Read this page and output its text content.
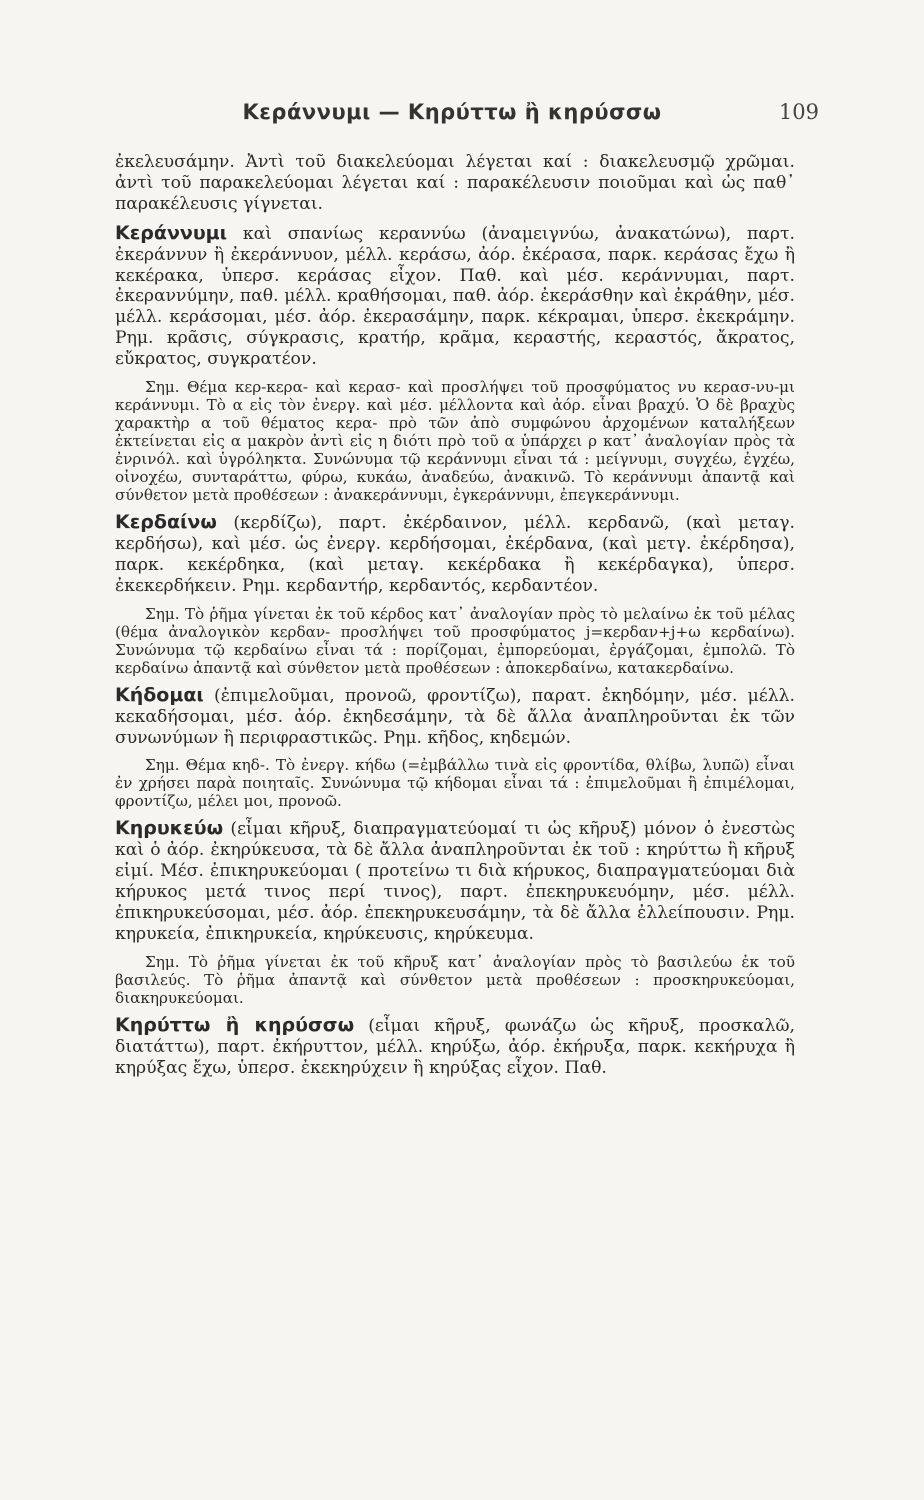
Κεράννυμι — Κηρύττω ἢ κηρύσσω	109

ἐκελευσάμην. Ἀντὶ τοῦ διακελεύομαι λέγεται καί : διακελευσμῷ χρῶμαι. ἀντὶ τοῦ παρακελεύομαι λέγεται καί : παρακέλευσιν ποιοῦμαι καὶ ὡς παθ᾽ παρακέλευσις γίγνεται.

Κεράννυμι καὶ σπανίως κεραννύω (ἀναμειγνύω, ἀνακατώνω), παρτ. ἐκεράννυν ἢ ἐκεράννυον, μέλλ. κεράσω, ἀόρ. ἐκέρασα, παρκ. κεράσας ἔχω ἢ κεκέρακα, ὑπερσ. κεράσας εἶχον. Παθ. καὶ μέσ. κεράννυμαι, παρτ. ἐκεραννύμην, παθ. μέλλ. κραθήσομαι, παθ. ἀόρ. ἐκεράσθην καὶ ἐκράθην, μέσ. μέλλ. κεράσομαι, μέσ. ἀόρ. ἐκερασάμην, παρκ. κέκραμαι, ὑπερσ. ἐκεκράμην. Ρημ. κρᾶσις, σύγκρασις, κρατήρ, κρᾶμα, κεραστής, κεραστός, ἄκρατος, εὔκρατος, συγκρατέον.

Σημ. Θέμα κερ-κερα- καὶ κερασ- καὶ προσλήψει τοῦ προσφύματος νυ κερασ-νυ-μι κεράννυμι. Τὸ α εἰς τὸν ἐνεργ. καὶ μέσ. μέλλοντα καὶ ἀόρ. εἶναι βραχύ. Ὁ δὲ βραχὺς χαρακτὴρ α τοῦ θέματος κερα- πρὸ τῶν ἀπὸ συμφώνου ἀρχομένων καταλήξεων ἐκτείνεται εἰς α μακρὸν ἀντὶ εἰς η διότι πρὸ τοῦ α ὑπάρχει ρ κατ᾽ ἀναλογίαν πρὸς τὰ ἐνρινόλ. καὶ ὑγρόληκτα. Συνώνυμα τῷ κεράννυμι εἶναι τά : μείγνυμι, συγχέω, ἐγχέω, οἰνοχέω, συνταράττω, φύρω, κυκάω, ἀναδεύω, ἀνακινῶ. Τὸ κεράννυμι ἀπαντᾷ καὶ σύνθετον μετὰ προθέσεων : ἀνακεράννυμι, ἐγκεράννυμι, ἐπεγκεράννυμι.

Κερδαίνω (κερδίζω), παρτ. ἐκέρδαινον, μέλλ. κερδανῶ, (καὶ μεταγ. κερδήσω), καὶ μέσ. ὡς ἐνεργ. κερδήσομαι, ἐκέρδανα, (καὶ μετγ. ἐκέρδησα), παρκ. κεκέρδηκα, (καὶ μεταγ. κεκέρδακα ἢ κεκέρδαγκα), ὑπερσ. ἐκεκερδήκειν. Ρημ. κερδαντήρ, κερδαντός, κερδαντέον.

Σημ. Τὸ ῥῆμα γίνεται ἐκ τοῦ κέρδος κατ᾽ ἀναλογίαν πρὸς τὸ μελαίνω ἐκ τοῦ μέλας (θέμα ἀναλογικὸν κερδαν- προσλήψει τοῦ προσφύματος j=κερδαν+j+ω κερδαίνω). Συνώνυμα τῷ κερδαίνω εἶναι τά : πορίζομαι, ἐμπορεύομαι, ἐργάζομαι, ἐμπολῶ. Τὸ κερδαίνω ἀπαντᾷ καὶ σύνθετον μετὰ προθέσεων : ἀποκερδαίνω, κατακερδαίνω.

Κήδομαι (ἐπιμελοῦμαι, προνοῶ, φροντίζω), παρατ. ἐκηδόμην, μέσ. μέλλ. κεκαδήσομαι, μέσ. ἀόρ. ἐκηδεσάμην, τὰ δὲ ἄλλα ἀναπληροῦνται ἐκ τῶν συνωνύμων ἢ περιφραστικῶς. Ρημ. κῆδος, κηδεμών.

Σημ. Θέμα κηδ-. Τὸ ἐνεργ. κήδω (=ἐμβάλλω τινὰ εἰς φροντίδα, θλίβω, λυπῶ) εἶναι ἐν χρήσει παρὰ ποιηταῖς. Συνώνυμα τῷ κήδομαι εἶναι τά : ἐπιμελοῦμαι ἢ ἐπιμέλομαι, φροντίζω, μέλει μοι, προνοῶ.

Κηρυκεύω (εἶμαι κῆρυξ, διαπραγματεύομαί τι ὡς κῆρυξ) μόνον ὁ ἐνεστὼς καὶ ὁ ἀόρ. ἐκηρύκευσα, τὰ δὲ ἄλλα ἀναπληροῦνται ἐκ τοῦ : κηρύττω ἢ κῆρυξ εἰμί. Μέσ. ἐπικηρυκεύομαι ( προτείνω τι διὰ κήρυκος, διαπραγματεύομαι διὰ κήρυκος μετά τινος περί τινος), παρτ. ἐπεκηρυκευόμην, μέσ. μέλλ. ἐπικηρυκεύσομαι, μέσ. ἀόρ. ἐπεκηρυκευσάμην, τὰ δὲ ἄλλα ἐλλείπουσιν. Ρημ. κηρυκεία, ἐπικηρυκεία, κηρύκευσις, κηρύκευμα.

Σημ. Τὸ ῥῆμα γίνεται ἐκ τοῦ κῆρυξ κατ᾽ ἀναλογίαν πρὸς τὸ βασιλεύω ἐκ τοῦ βασιλεύς. Τὸ ῥῆμα ἀπαντᾷ καὶ σύνθετον μετὰ προθέσεων : προσκηρυκεύομαι, διακηρυκεύομαι.

Κηρύττω ἢ κηρύσσω (εἶμαι κῆρυξ, φωνάζω ὡς κῆρυξ, προσκαλῶ, διατάττω), παρτ. ἐκήρυττον, μέλλ. κηρύξω, ἀόρ. ἐκήρυξα, παρκ. κεκήρυχα ἢ κηρύξας ἔχω, ὑπερσ. ἐκεκηρύχειν ἢ κηρύξας εἶχον. Παθ.
